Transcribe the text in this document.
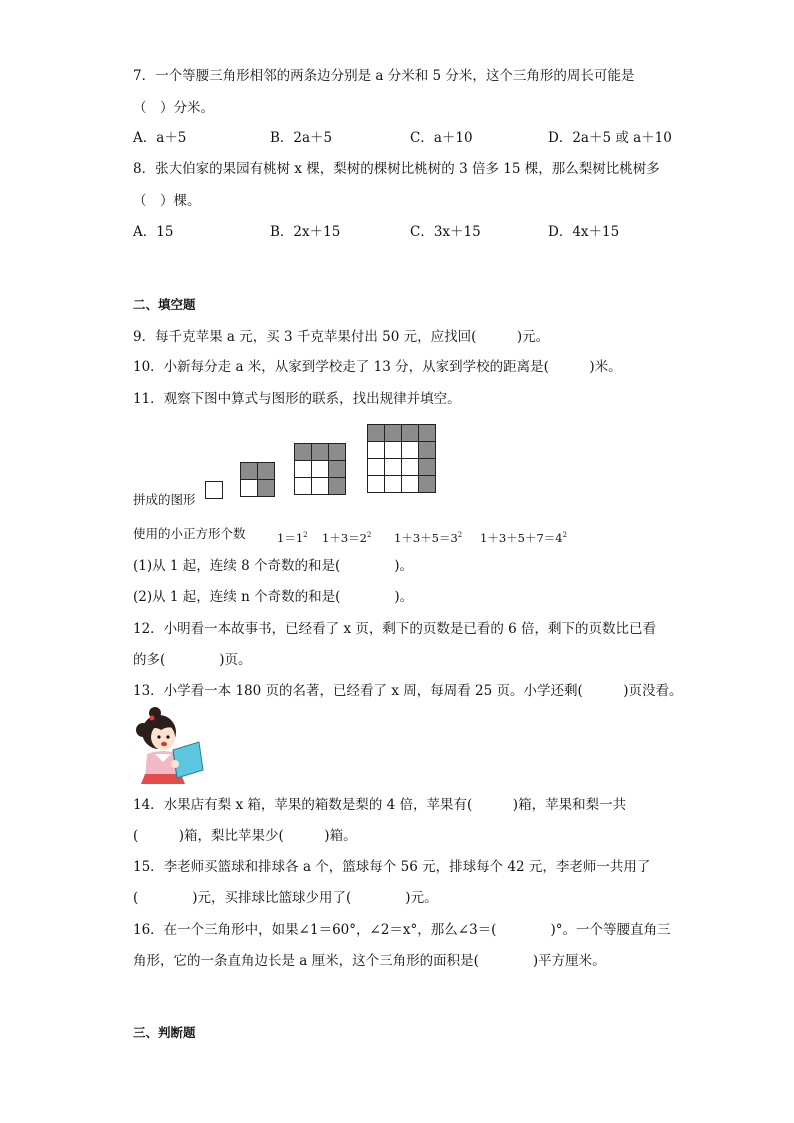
7．一个等腰三角形相邻的两条边分别是 a 分米和 5 分米，这个三角形的周长可能是
（　）分米。
A．a＋5	B．2a＋5	C．a＋10	D．2a＋5 或 a＋10
8．张大伯家的果园有桃树 x 棵，梨树的棵树比桃树的 3 倍多 15 棵，那么梨树比桃树多
（　）棵。
A．15	B．2x＋15	C．3x＋15	D．4x＋15
二、填空题
9．每千克苹果 a 元，买 3 千克苹果付出 50 元，应找回(　　　)元。
10．小新每分走 a 米，从家到学校走了 13 分，从家到学校的距离是(　　　)米。
11．观察下图中算式与图形的联系，找出规律并填空。
拼成的图形

使用的小正方形个数	$1=1^2$ $1+3=2^2$ $1+3+5=3^2$ $1+3+5+7=4^2$
(1)从 1 起，连续 8 个奇数的和是(　　　　)。
(2)从 1 起，连续 n 个奇数的和是(　　　　)。
12．小明看一本故事书，已经看了 x 页，剩下的页数是已看的 6 倍，剩下的页数比已看
的多(　　　　)页。
13．小学看一本 180 页的名著，已经看了 x 周，每周看 25 页。小学还剩(　　　)页没看。
14．水果店有梨 x 箱，苹果的箱数是梨的 4 倍，苹果有(　　　)箱，苹果和梨一共
(　　　)箱，梨比苹果少(　　　)箱。
15．李老师买篮球和排球各 a 个，篮球每个 56 元，排球每个 42 元，李老师一共用了
(　　　　)元，买排球比篮球少用了(　　　　)元。
16．在一个三角形中，如果∠1＝60°，∠2＝x°，那么∠3＝(　　　　)°。一个等腰直角三
角形，它的一条直角边长是 a 厘米，这个三角形的面积是(　　　　)平方厘米。
三、判断题
